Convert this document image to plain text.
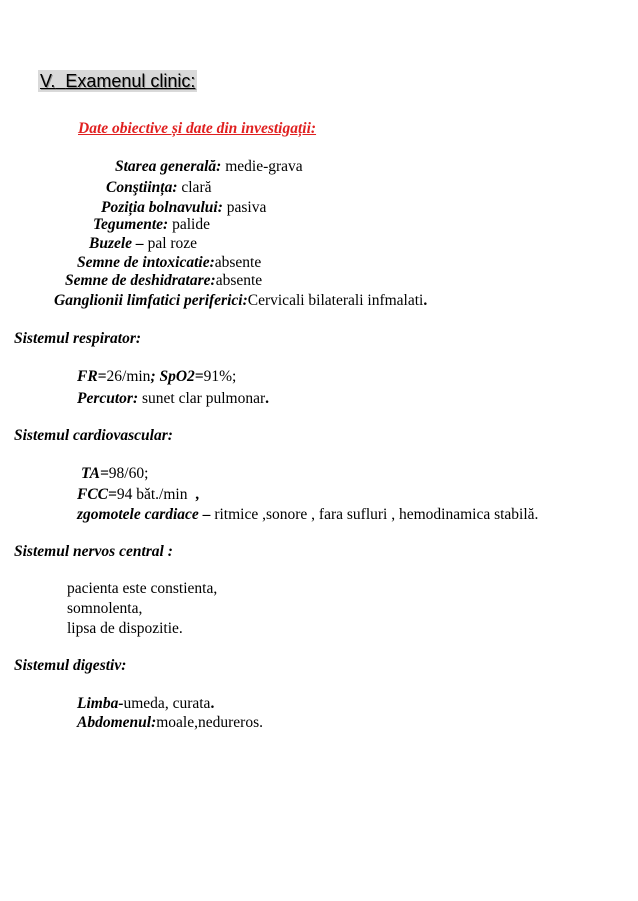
V. Examenul clinic:
Date obiective și date din investigații:
Starea generală: medie-grava
Conştiința: clară
Poziția bolnavului: pasiva
Tegumente: palide
Buzele – pal roze
Semne de intoxicatie:absente
Semne de deshidratare:absente
Ganglionii limfatici periferici:Cervicali bilaterali infmalati.
Sistemul respirator:
FR=26/min; SpO2=91%;
Percutor: sunet clar pulmonar.
Sistemul cardiovascular:
TA=98/60;
FCC=94 bǎt./min  ,
zgomotele cardiace – ritmice ,sonore , fara sufluri , hemodinamica stabilă.
Sistemul nervos central :
pacienta este constienta,
somnolenta,
lipsa de dispozitie.
Sistemul digestiv:
Limba-umeda, curata.
Abdomenul:moale,nedureros.
